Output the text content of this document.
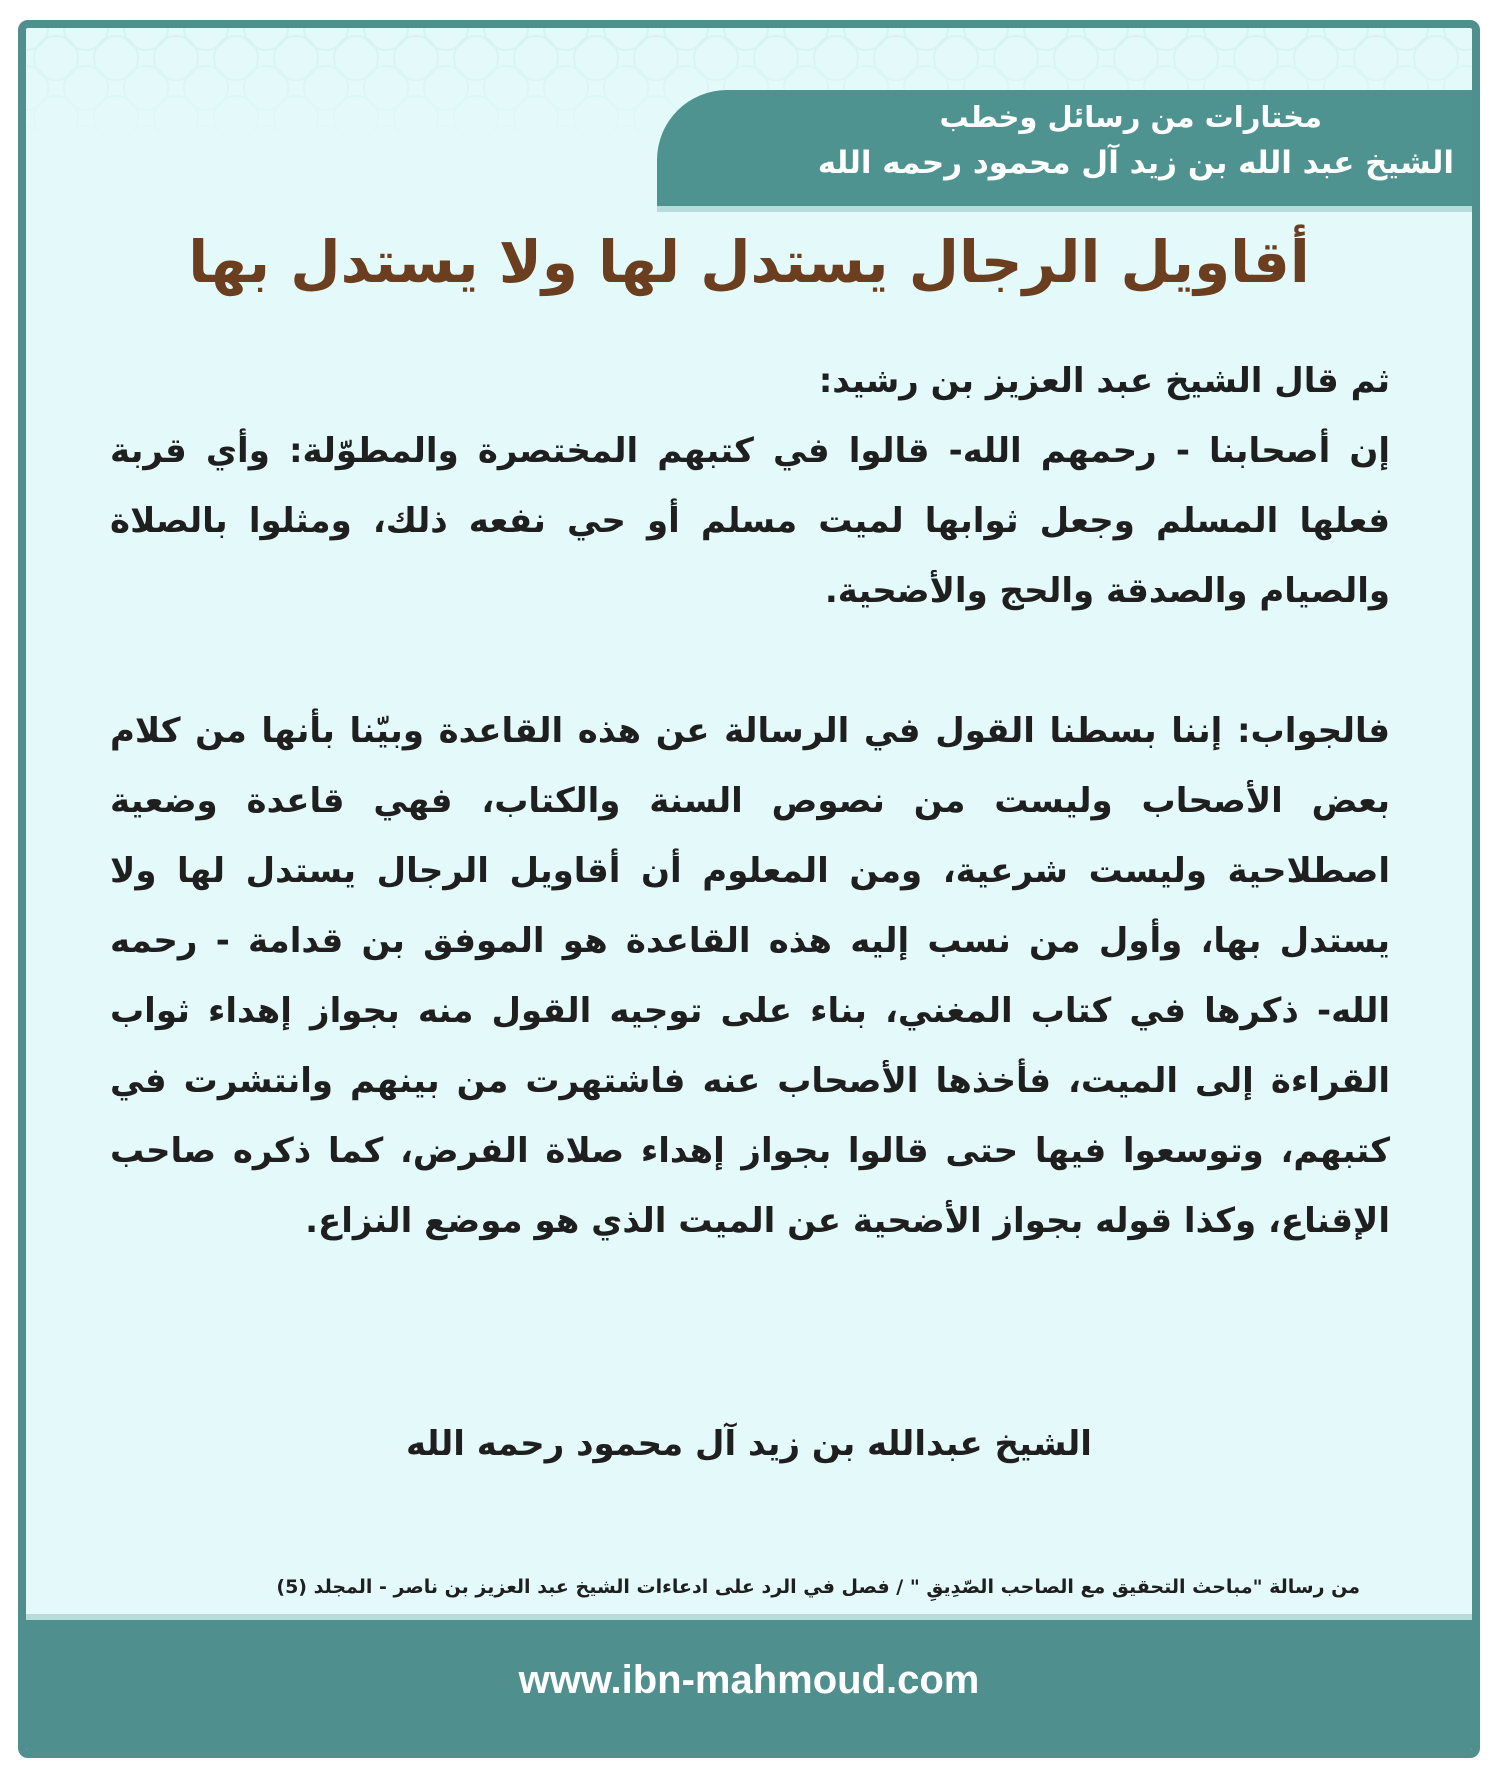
مختارات من رسائل وخطب
الشيخ عبد الله بن زيد آل محمود رحمه الله
أقاويل الرجال يستدل لها ولا يستدل بها

ثم قال الشيخ عبد العزيز بن رشيد:

إن أصحابنا - رحمهم الله- قالوا في كتبهم المختصرة والمطوّلة: وأي قربة فعلها المسلم وجعل ثوابها لميت مسلم أو حي نفعه ذلك، ومثلوا بالصلاة والصيام والصدقة والحج والأضحية.

فالجواب: إننا بسطنا القول في الرسالة عن هذه القاعدة وبيّنا بأنها من كلام بعض الأصحاب وليست من نصوص السنة والكتاب، فهي قاعدة وضعية اصطلاحية وليست شرعية، ومن المعلوم أن أقاويل الرجال يستدل لها ولا يستدل بها، وأول من نسب إليه هذه القاعدة هو الموفق بن قدامة - رحمه الله- ذكرها في كتاب المغني، بناء على توجيه القول منه بجواز إهداء ثواب القراءة إلى الميت، فأخذها الأصحاب عنه فاشتهرت من بينهم وانتشرت في كتبهم، وتوسعوا فيها حتى قالوا بجواز إهداء صلاة الفرض، كما ذكره صاحب الإقناع، وكذا قوله بجواز الأضحية عن الميت الذي هو موضع النزاع.

الشيخ عبدالله بن زيد آل محمود رحمه الله
من رسالة "مباحث التحقيق مع الصاحب الصّدِيقِ " / فصل في الرد على ادعاءات الشيخ عبد العزيز بن ناصر - المجلد (5)
www.ibn-mahmoud.com
